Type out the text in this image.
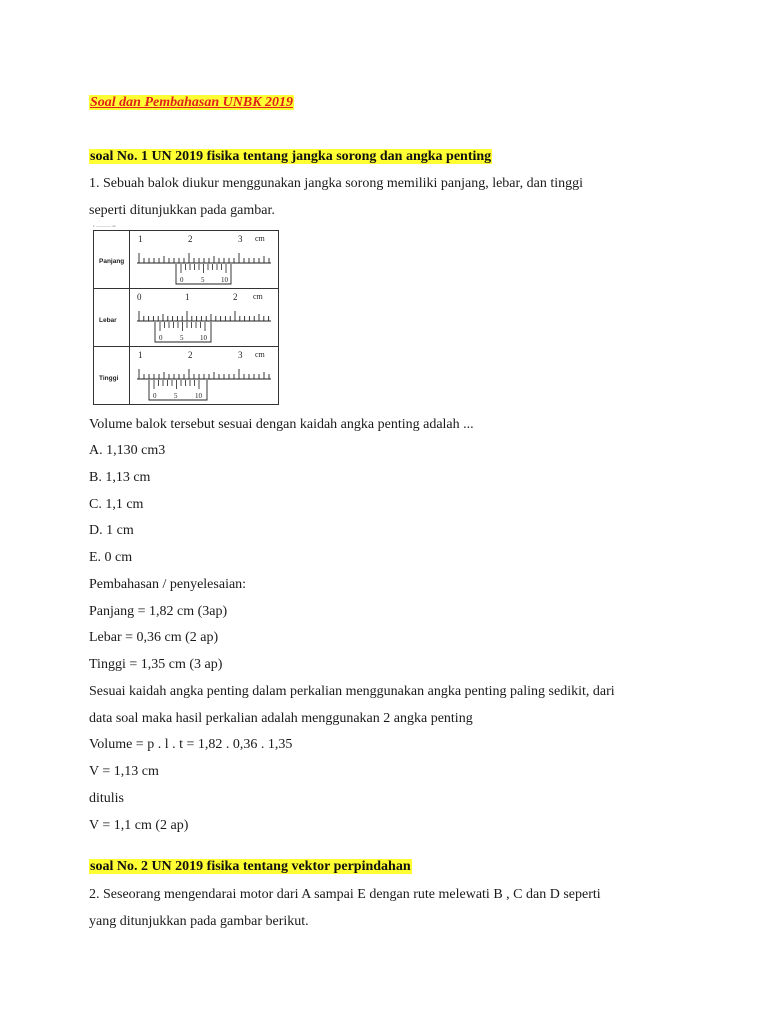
Soal dan Pembahasan UNBK 2019
soal No. 1 UN 2019 fisika tentang jangka sorong dan angka penting
1. Sebuah balok diukur menggunakan jangka sorong memiliki panjang, lebar, dan tinggi
seperti ditunjukkan pada gambar.
• ——— ••
Panjang
Lebar
Tinggi
1	2	3 cm
0	5 10
0	1	2 cm
0	5 10
1	2	3 cm
0	5	10
Volume balok tersebut sesuai dengan kaidah angka penting adalah ...
A. 1,130 cm3
B. 1,13 cm
C. 1,1 cm
D. 1 cm
E. 0 cm
Pembahasan / penyelesaian:
Panjang = 1,82 cm (3ap)
Lebar = 0,36 cm (2 ap)
Tinggi = 1,35 cm (3 ap)
Sesuai kaidah angka penting dalam perkalian menggunakan angka penting paling sedikit, dari
data soal maka hasil perkalian adalah menggunakan 2 angka penting
Volume = p . l . t = 1,82 . 0,36 . 1,35
V = 1,13 cm
ditulis
V = 1,1 cm (2 ap)
soal No. 2 UN 2019 fisika tentang vektor perpindahan
2. Seseorang mengendarai motor dari A sampai E dengan rute melewati B , C dan D seperti
yang ditunjukkan pada gambar berikut.
